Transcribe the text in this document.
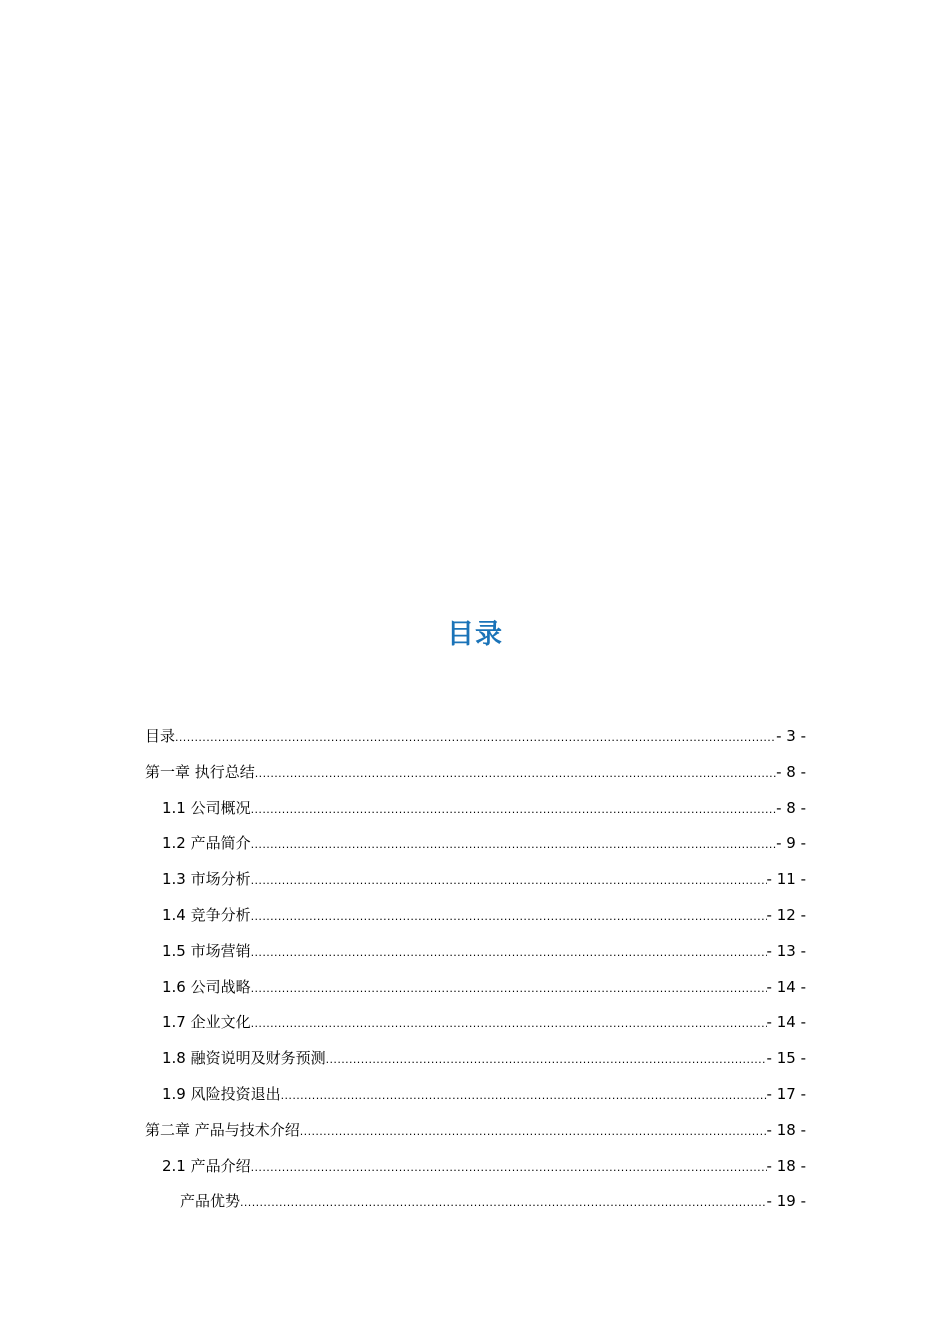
目录
目录 .....	- 3 -
第一章 执行总结 .....	- 8 -
1.1 公司概况 .....	- 8 -
1.2 产品简介 .....	- 9 -
1.3 市场分析 .....	- 11 -
1.4 竞争分析 .....	- 12 -
1.5 市场营销 .....	- 13 -
1.6 公司战略 .....	- 14 -
1.7 企业文化 .....	- 14 -
1.8 融资说明及财务预测 .....	- 15 -
1.9 风险投资退出 .....	- 17 -
第二章 产品与技术介绍 .....	- 18 -
2.1 产品介绍 .....	- 18 -
产品优势 .....	- 19 -
